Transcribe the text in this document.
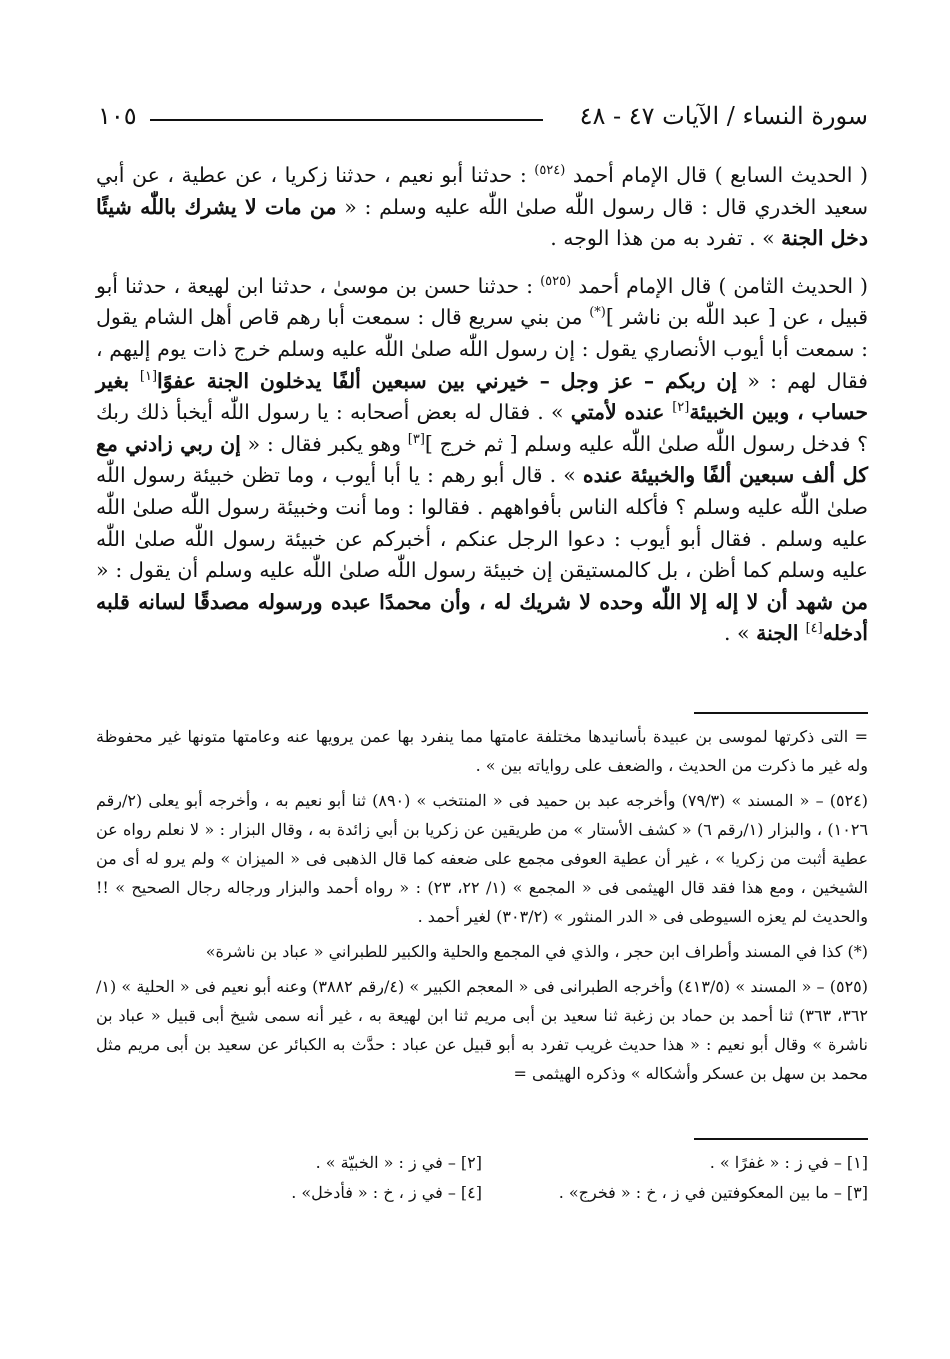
سورة النساء / الآيات ٤٧ - ٤٨
١٠٥

( الحديث السابع ) قال الإمام أحمد $^{(٥٢٤)}$ : حدثنا أبو نعيم ، حدثنا زكريا ، عن عطية ، عن أبي سعيد الخدري قال : قال رسول اللّٰه صلىٰ اللّٰه عليه وسلم : « من مات لا يشرك باللّٰه شيئًا دخل الجنة » . تفرد به من هذا الوجه .

( الحديث الثامن ) قال الإمام أحمد $^{(٥٢٥)}$ : حدثنا حسن بن موسىٰ ، حدثنا ابن لهيعة ، حدثنا أبو قبيل ، عن [ عبد اللّٰه بن ناشر ](*) من بني سريع قال : سمعت أبا رهم قاص أهل الشام يقول : سمعت أبا أيوب الأنصاري يقول : إن رسول اللّٰه صلىٰ اللّٰه عليه وسلم خرج ذات يوم إليهم ، فقال لهم : « إن ربكم – عز وجل – خيرني بين سبعين ألفًا يدخلون الجنة عفوًا[١] بغير حساب ، وبين الخبيئة[٢] عنده لأمتي » . فقال له بعض أصحابه : يا رسول اللّٰه أيخبأ ذلك ربك ؟ فدخل رسول اللّٰه صلىٰ اللّٰه عليه وسلم [ ثم خرج ][٣] وهو يكبر فقال : « إن ربي زادني مع كل ألف سبعين ألفًا والخبيئة عنده » . قال أبو رهم : يا أبا أيوب ، وما تظن خبيئة رسول اللّٰه صلىٰ اللّٰه عليه وسلم ؟ فأكله الناس بأفواههم . فقالوا : وما أنت وخبيئة رسول اللّٰه صلىٰ اللّٰه عليه وسلم . فقال أبو أيوب : دعوا الرجل عنكم ، أخبركم عن خبيئة رسول اللّٰه صلىٰ اللّٰه عليه وسلم كما أظن ، بل كالمستيقن إن خبيئة رسول اللّٰه صلىٰ اللّٰه عليه وسلم أن يقول : « من شهد أن لا إله إلا اللّٰه وحده لا شريك له ، وأن محمدًا عبده ورسوله مصدقًا لسانه قلبه أدخله[٤] الجنة » .

= التى ذكرتها لموسى بن عبيدة بأسانيدها مختلفة عامتها مما ينفرد بها عمن يرويها عنه وعامتها متونها غير محفوظة وله غير ما ذكرت من الحديث ، والضعف على رواياته بين » .

(٥٢٤) – « المسند » (٧٩/٣) وأخرجه عبد بن حميد فى « المنتخب » (٨٩٠) ثنا أبو نعيم به ، وأخرجه أبو يعلى (٢/رقم ١٠٢٦) ، والبزار (١/رقم ٦) « كشف الأستار » من طريقين عن زكريا بن أبي زائدة به ، وقال البزار : « لا نعلم رواه عن عطية أثبت من زكريا » ، غير أن عطية العوفى مجمع على ضعفه كما قال الذهبى فى « الميزان » ولم يرو له أى من الشيخين ، ومع هذا فقد قال الهيثمى فى « المجمع » (١/ ٢٢، ٢٣) : « رواه أحمد والبزار ورجاله رجال الصحيح » !! والحديث لم يعزه السيوطى فى « الدر المنثور » (٣٠٣/٢) لغير أحمد .

(*) كذا في المسند وأطراف ابن حجر ، والذي في المجمع والحلية والكبير للطبراني « عباد بن ناشرة»

(٥٢٥) – « المسند » (٤١٣/٥) وأخرجه الطبرانى فى « المعجم الكبير » (٤/رقم ٣٨٨٢) وعنه أبو نعيم فى « الحلية » (١/ ٣٦٢، ٣٦٣) ثنا أحمد بن حماد بن زغبة ثنا سعيد بن أبى مريم ثنا ابن لهيعة به ، غير أنه سمى شيخ أبى قبيل « عباد بن ناشرة » وقال أبو نعيم : « هذا حديث غريب تفرد به أبو قبيل عن عباد : حدَّث به الكبائر عن سعيد بن أبى مريم مثل محمد بن سهل بن عسكر وأشكاله » وذكره الهيثمى =

[١] – في ز : « غفرًا » .
[٢] – في ز : « الخبيّة » .
[٣] – ما بين المعكوفتين في ز ، خ : « فخرج» .
[٤] – في ز ، خ : « فأدخل» .
